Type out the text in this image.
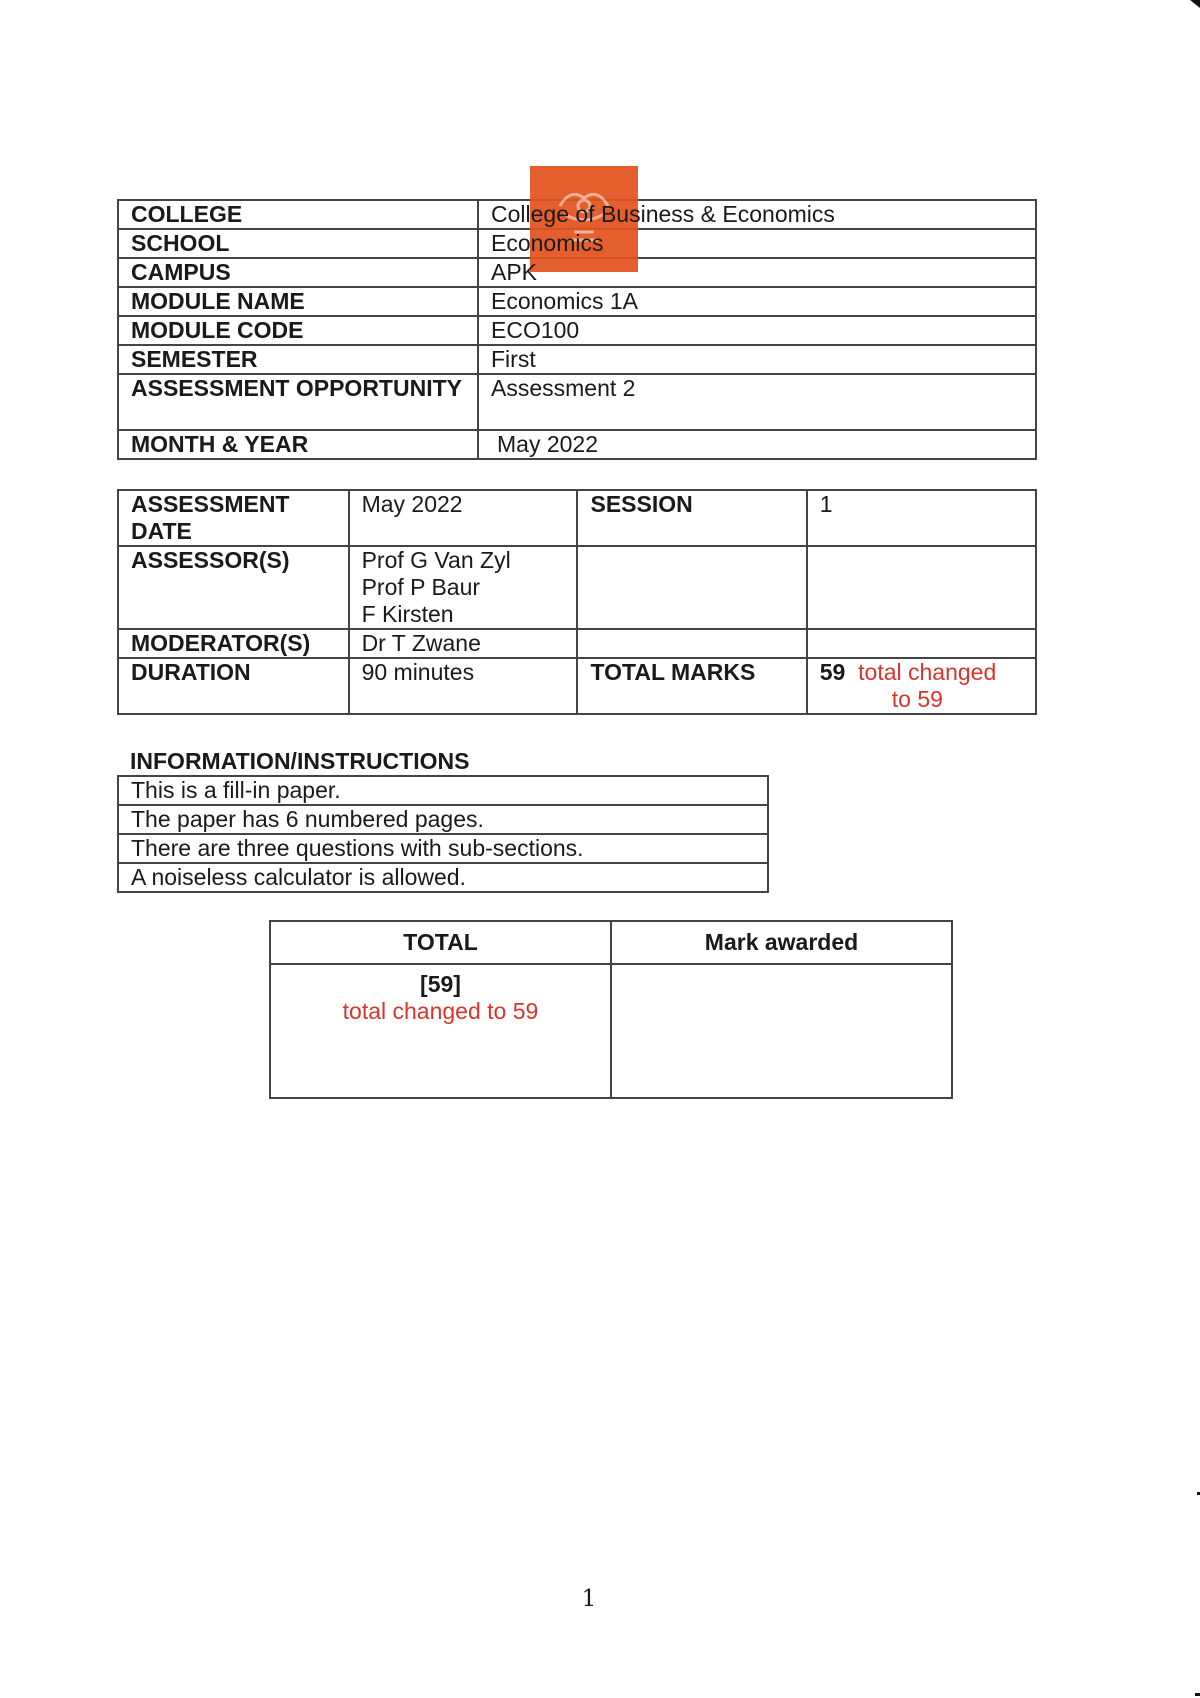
COLLEGE	College of Business & Economics
SCHOOL	Economics
CAMPUS	APK
MODULE NAME	Economics 1A
MODULE CODE	ECO100
SEMESTER	First
ASSESSMENT OPPORTUNITY	Assessment 2
MONTH & YEAR	May 2022
ASSESSMENT DATE	May 2022	SESSION	1
ASSESSOR(S)	Prof G Van Zyl
Prof P Baur
F Kirsten		

MODERATOR(S)	Dr T Zwane		
DURATION	90 minutes	TOTAL MARKS	59 total changed
to 59
INFORMATION/INSTRUCTIONS
This is a fill-in paper.
The paper has 6 numbered pages.
There are three questions with sub-sections.
A noiseless calculator is allowed.
TOTAL	Mark awarded

[59]
total changed to 59	

1
